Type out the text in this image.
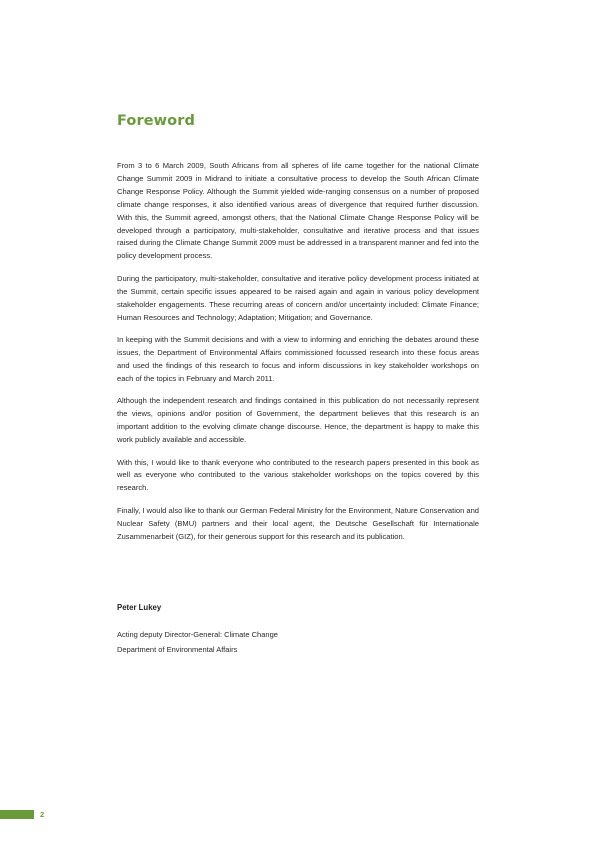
Foreword

From 3 to 6 March 2009, South Africans from all spheres of life came together for the national Climate Change Summit 2009 in Midrand to initiate a consultative process to develop the South African Climate Change Response Policy. Although the Summit yielded wide-ranging consensus on a number of proposed climate change responses, it also identified various areas of divergence that required further discussion. With this, the Summit agreed, amongst others, that the National Climate Change Response Policy will be developed through a participatory, multi-stakeholder, consultative and iterative process and that issues raised during the Climate Change Summit 2009 must be addressed in a transparent manner and fed into the policy development process.

During the participatory, multi-stakeholder, consultative and iterative policy development process initiated at the Summit, certain specific issues appeared to be raised again and again in various policy development stakeholder engagements. These recurring areas of concern and/or uncertainty included: Climate Finance; Human Resources and Technology; Adaptation; Mitigation; and Governance.

In keeping with the Summit decisions and with a view to informing and enriching the debates around these issues, the Department of Environmental Affairs commissioned focussed research into these focus areas and used the findings of this research to focus and inform discussions in key stakeholder workshops on each of the topics in February and March 2011.

Although the independent research and findings contained in this publication do not necessarily represent the views, opinions and/or position of Government, the department believes that this research is an important addition to the evolving climate change discourse. Hence, the department is happy to make this work publicly available and accessible.

With this, I would like to thank everyone who contributed to the research papers presented in this book as well as everyone who contributed to the various stakeholder workshops on the topics covered by this research.

Finally, I would also like to thank our German Federal Ministry for the Environment, Nature Conservation and Nuclear Safety (BMU) partners and their local agent, the Deutsche Gesellschaft für Internationale Zusammenarbeit (GIZ), for their generous support for this research and its publication.

Peter Lukey

Acting deputy Director-General: Climate Change
Department of Environmental Affairs

2
